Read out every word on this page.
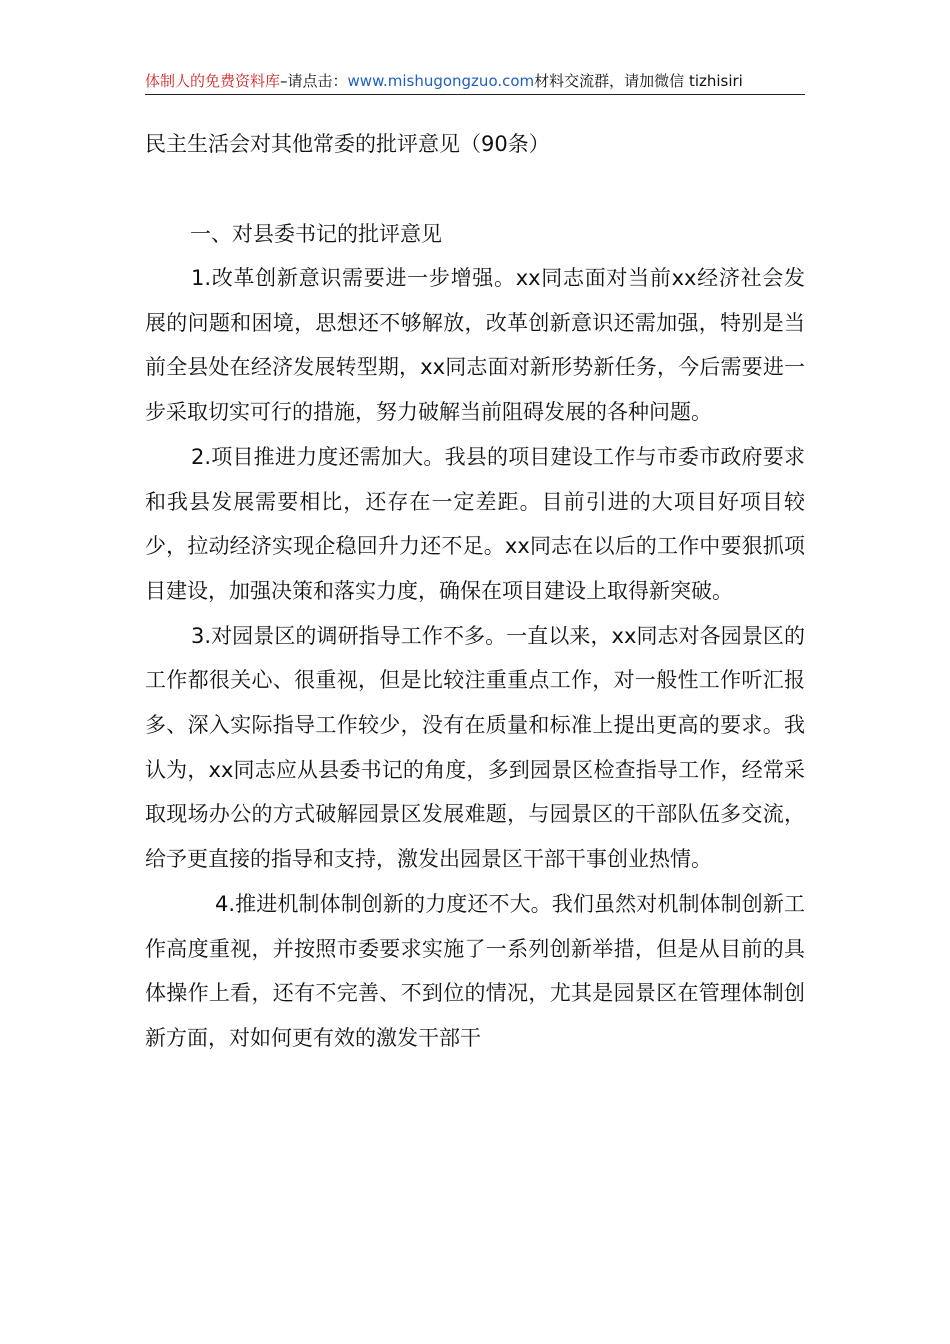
体制人的免费资料库–请点击：www.mishugongzuo.com材料交流群，请加微信 tizhisiri
民主生活会对其他常委的批评意见（90条）
一、对县委书记的批评意见

1.改革创新意识需要进一步增强。xx同志面对当前xx经济社会发展的问题和困境，思想还不够解放，改革创新意识还需加强，特别是当前全县处在经济发展转型期，xx同志面对新形势新任务，今后需要进一步采取切实可行的措施，努力破解当前阻碍发展的各种问题。

2.项目推进力度还需加大。我县的项目建设工作与市委市政府要求和我县发展需要相比，还存在一定差距。目前引进的大项目好项目较少，拉动经济实现企稳回升力还不足。xx同志在以后的工作中要狠抓项目建设，加强决策和落实力度，确保在项目建设上取得新突破。

3.对园景区的调研指导工作不多。一直以来，xx同志对各园景区的工作都很关心、很重视，但是比较注重重点工作，对一般性工作听汇报多、深入实际指导工作较少，没有在质量和标准上提出更高的要求。我认为，xx同志应从县委书记的角度，多到园景区检查指导工作，经常采取现场办公的方式破解园景区发展难题，与园景区的干部队伍多交流，给予更直接的指导和支持，激发出园景区干部干事创业热情。

4.推进机制体制创新的力度还不大。我们虽然对机制体制创新工作高度重视，并按照市委要求实施了一系列创新举措，但是从目前的具体操作上看，还有不完善、不到位的情况，尤其是园景区在管理体制创新方面，对如何更有效的激发干部干
